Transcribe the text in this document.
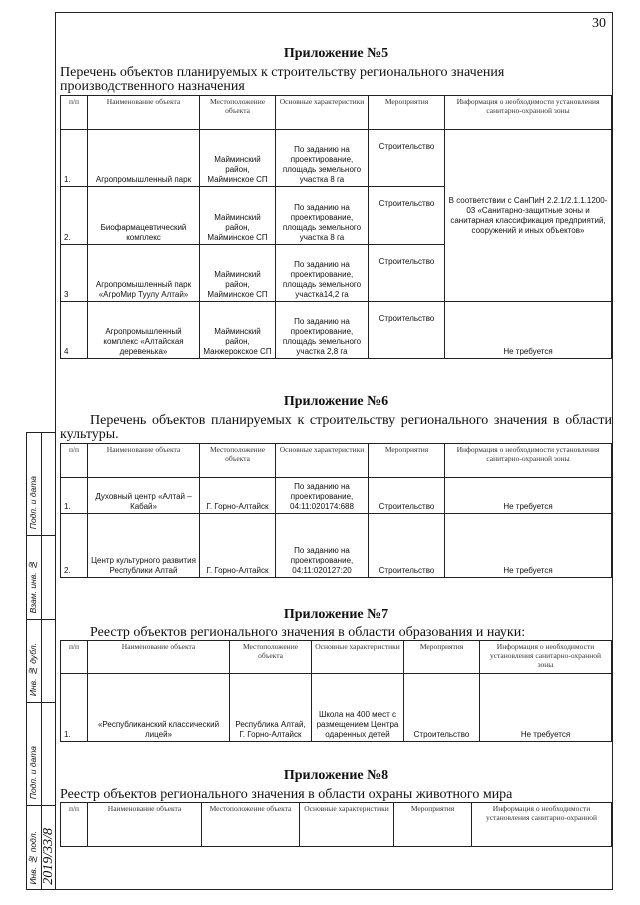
30
Подп. и дата
Взам. инв. №
Инв. № дубл.
Подп. и дата
Инв. № подл. 2019/33/8

Приложение №5

Перечень объектов планируемых к строительству регионального значения производственного назначения

п/п	Наименование объекта	Местоположение объекта	Основные характеристики	Мероприятия	Информация о необходимости установления санитарно-охранной зоны
1.	Агропромышленный парк	Майминский район, Майминское СП	По заданию на проектирование, площадь земельного участка 8 га	Строительство	В соответствии с СанПиН 2.2.1/2.1.1.1200-03 «Санитарно-защитные зоны и санитарная классификация предприятий, сооружений и иных объектов»
2.	Биофармацевтический комплекс	Майминский район, Майминское СП	По заданию на проектирование, площадь земельного участка 8 га	Строительство	
3	Агропромышленный парк «АгроМир Туулу Алтай»	Майминский район, Майминское СП	По заданию на проектирование, площадь земельного участка14,2 га	Строительство	
4	Агропромышленный комплекс «Алтайская деревенька»	Майминский район, Манжерокское СП	По заданию на проектирование, площадь земельного участка 2,8 га	Строительство	Не требуется

Приложение №6

Перечень объектов планируемых к строительству регионального значения в области культуры.

п/п	Наименование объекта	Местоположение объекта	Основные характеристики	Мероприятия	Информация о необходимости установления санитарно-охранной зоны
1.	Духовный центр «Алтай –Кабай»	Г. Горно-Алтайск	По заданию на проектирование, 04:11:020174:688	Строительство	Не требуется
2.	Центр культурного развития Республики Алтай	Г. Горно-Алтайск	По заданию на проектирование, 04:11:020127:20	Строительство	Не требуется

Приложение №7

Реестр объектов регионального значения в области образования и науки:

п/п	Наименование объекта	Местоположение объекта	Основные характеристики	Мероприятия	Информация о необходимости установления санитарно-охранной зоны
1.	«Республиканский классический лицей»	Республика Алтай, Г. Горно-Алтайск	Школа на 400 мест с размещением Центра одаренных детей	Строительство	Не требуется

Приложение №8

Реестр объектов регионального значения в области охраны животного мира

п/п	Наименование объекта	Местоположение объекта	Основные характеристики	Мероприятия	Информация о необходимости установления санитарно-охранной
